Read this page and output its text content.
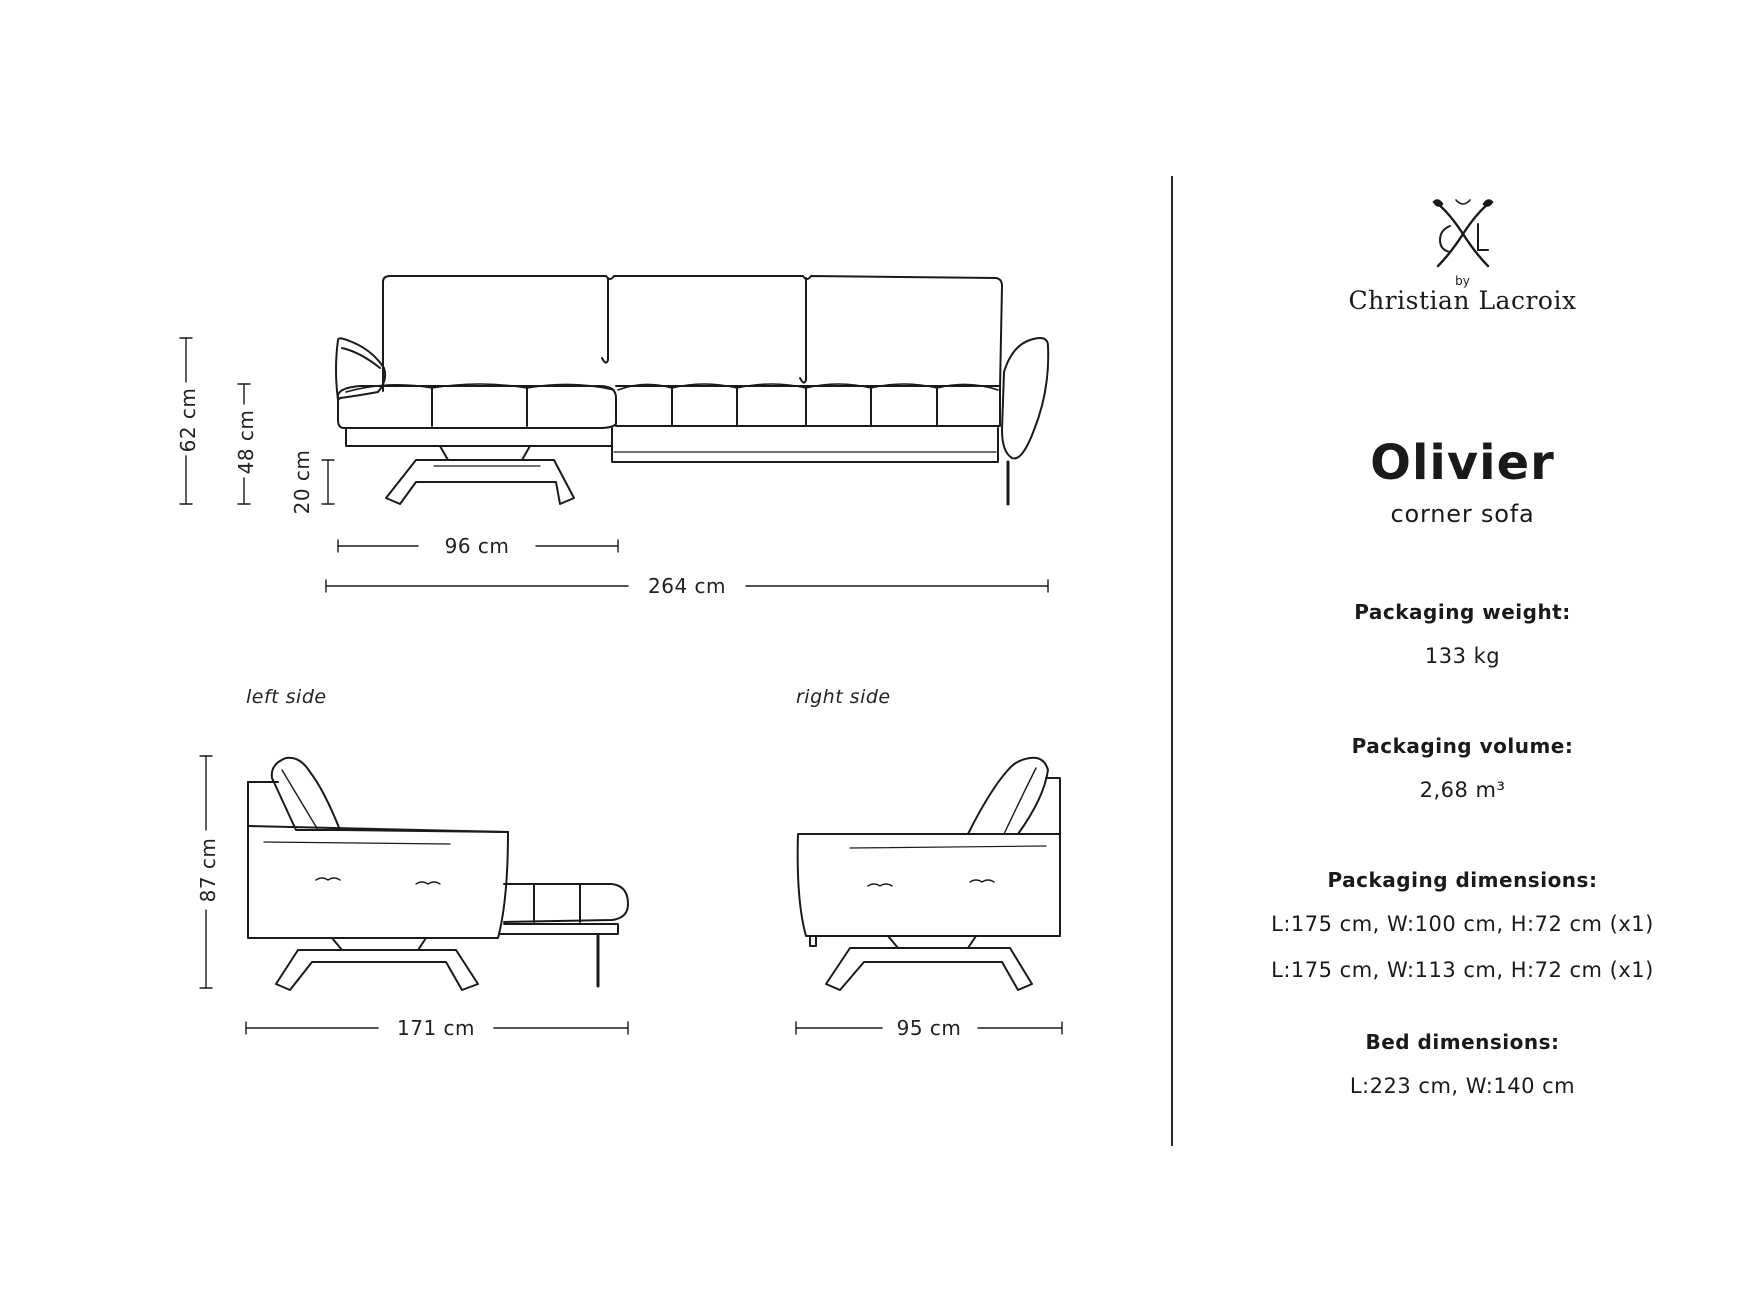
62 cm 48 cm
20 cm
96 cm
264 cm
left side	right side
87 cm
171 cm	95 cm
by
Christian Lacroix
Olivier
corner sofa
Packaging weight:
133 kg
Packaging volume:
2,68 m³
Packaging dimensions:
L:175 cm, W:100 cm, H:72 cm (x1)
L:175 cm, W:113 cm, H:72 cm (x1)
Bed dimensions:
L:223 cm, W:140 cm
